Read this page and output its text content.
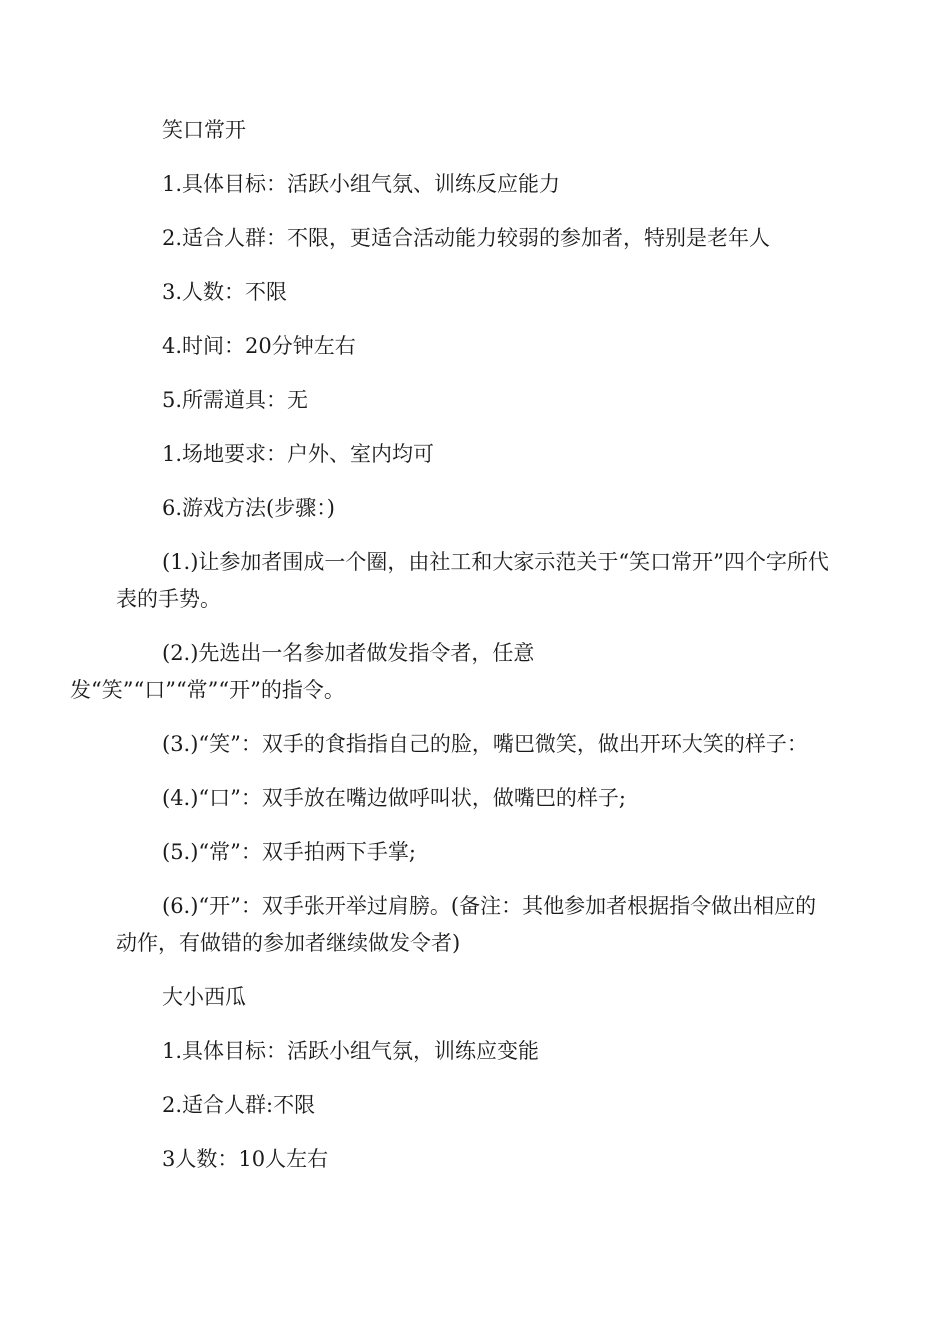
笑口常开

1.具体目标：活跃小组气氛、训练反应能力

2.适合人群：不限，更适合活动能力较弱的参加者，特别是老年人

3.人数：不限

4.时间：20分钟左右

5.所需道具：无

1.场地要求：户外、室内均可

6.游戏方法(步骤：)

(1.)让参加者围成一个圈，由社工和大家示范关于“笑口常开”四个字所代表的手势。

(2.)先选出一名参加者做发指令者，任意
发“笑”“口”“常”“开”的指令。

(3.)“笑”：双手的食指指自己的脸，嘴巴微笑，做出开环大笑的样子：

(4.)“口”：双手放在嘴边做呼叫状，做嘴巴的样子;

(5.)“常”：双手拍两下手掌;

(6.)“开”：双手张开举过肩膀。(备注：其他参加者根据指令做出相应的动作，有做错的参加者继续做发令者)

大小西瓜

1.具体目标：活跃小组气氛，训练应变能

2.适合人群:不限

3人数：10人左右
